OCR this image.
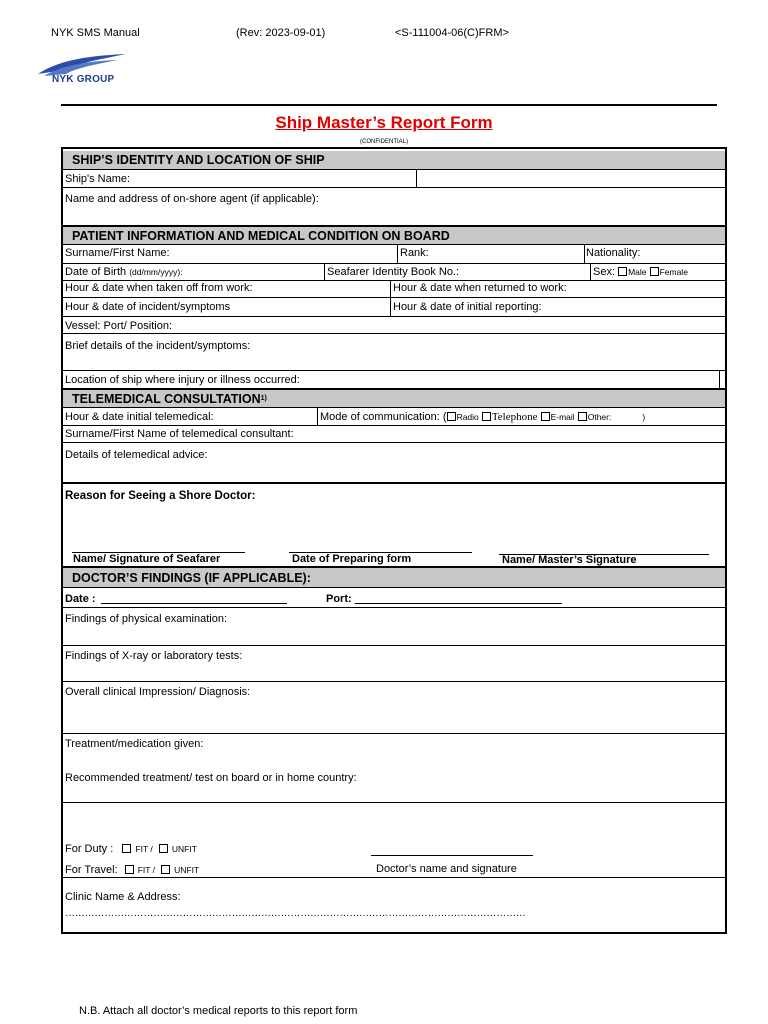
NYK SMS Manual	(Rev: 2023-09-01)	<S-111004-06(C)FRM>
NYK GROUP
Ship Master’s Report Form
(CONFIDENTIAL)
SHIP’S IDENTITY AND LOCATION OF SHIP
Ship's Name:
Name and address of on-shore agent (if applicable):
PATIENT INFORMATION AND MEDICAL CONDITION ON BOARD
Surname/First Name:	Rank:	Nationality:
Date of Birth (dd/mm/yyyy):	Seafarer Identity Book No.:	Sex: Male Female
Hour & date when taken off from work:	Hour & date when returned to work:
Hour & date of incident/symptoms	Hour & date of initial reporting:
Vessel: Port/ Position:
Brief details of the incident/symptoms:
Location of ship where injury or illness occurred:
TELEMEDICAL CONSULTATION 1)
Hour & date initial telemedical:	Mode of communication: ( Radio Telephone E-mail Other:	)
Surname/First Name of telemedical consultant:
Details of telemedical advice:
Reason for Seeing a Shore Doctor:
Name/ Signature of Seafarer	Date of Preparing form	Name/ Master’s Signature
DOCTOR’S FINDINGS (IF APPLICABLE):
Date :	Port:
Findings of physical examination:
Findings of X-ray or laboratory tests:
Overall clinical Impression/ Diagnosis:
Treatment/medication given:
Recommended treatment/ test on board or in home country:
For Duty :	FIT / UNFIT
For Travel: FIT / UNFIT	Doctor’s name and signature
Clinic Name & Address:
……………………………………………………………………………………………………………………………
N.B. Attach all doctor’s medical reports to this report form
